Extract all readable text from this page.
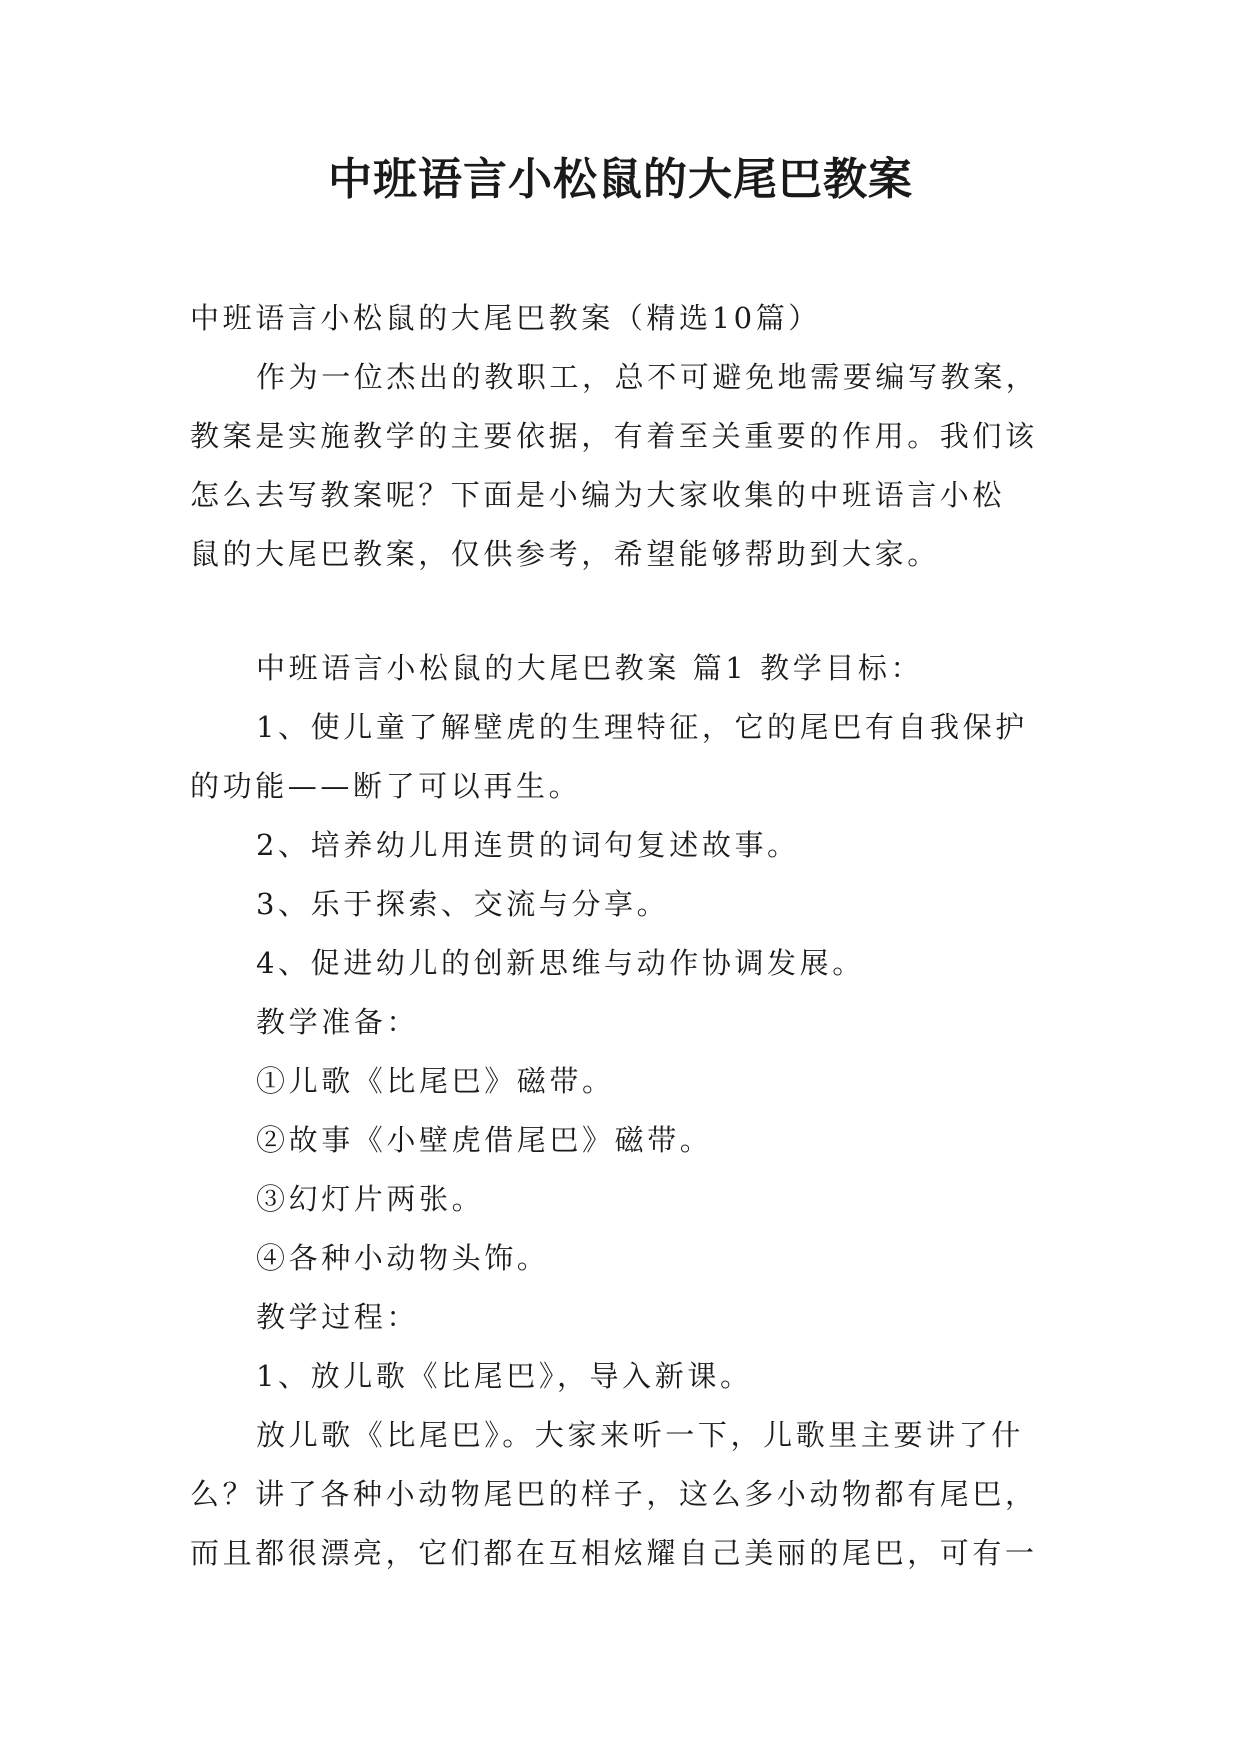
中班语言小松鼠的大尾巴教案
中班语言小松鼠的大尾巴教案（精选10篇）
作为一位杰出的教职工，总不可避免地需要编写教案，
教案是实施教学的主要依据，有着至关重要的作用。我们该
怎么去写教案呢？下面是小编为大家收集的中班语言小松
鼠的大尾巴教案，仅供参考，希望能够帮助到大家。
中班语言小松鼠的大尾巴教案 篇1 教学目标：
1、使儿童了解壁虎的生理特征，它的尾巴有自我保护
的功能——断了可以再生。
2、培养幼儿用连贯的词句复述故事。
3、乐于探索、交流与分享。
4、促进幼儿的创新思维与动作协调发展。
教学准备：
①儿歌《比尾巴》磁带。
②故事《小壁虎借尾巴》磁带。
③幻灯片两张。
④各种小动物头饰。
教学过程：
1、放儿歌《比尾巴》，导入新课。
放儿歌《比尾巴》。大家来听一下，儿歌里主要讲了什
么？讲了各种小动物尾巴的样子，这么多小动物都有尾巴，
而且都很漂亮，它们都在互相炫耀自己美丽的尾巴，可有一
